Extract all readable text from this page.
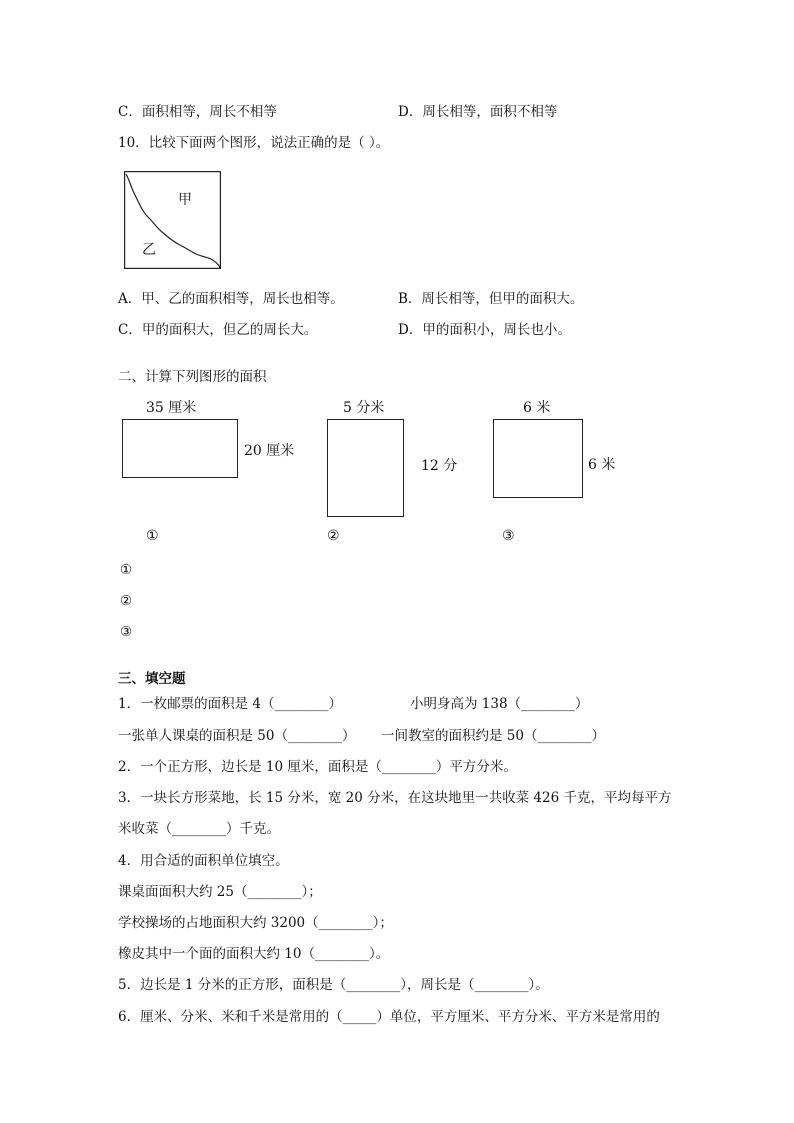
C．面积相等，周长不相等	D．周长相等，面积不相等
10．比较下面两个图形，说法正确的是（ ）。
甲
乙
A．甲、乙的面积相等，周长也相等。	B．周长相等，但甲的面积大。
C．甲的面积大，但乙的周长大。	D．甲的面积小，周长也小。
二、计算下列图形的面积
35 厘米
20 厘米
①
5 分米
12 分
②
6 米
6 米
③
①
②
③
三、填空题
1．一枚邮票的面积是 4（________）	小明身高为 138（________）
一张单人课桌的面积是 50（________） 一间教室的面积约是 50（________）
2．一个正方形，边长是 10 厘米，面积是（________）平方分米。
3．一块长方形菜地，长 15 分米，宽 20 分米，在这块地里一共收菜 426 千克，平均每平方
米收菜（________）千克。
4．用合适的面积单位填空。
课桌面面积大约 25（________）；
学校操场的占地面积大约 3200（________）；
橡皮其中一个面的面积大约 10（________）。
5．边长是 1 分米的正方形，面积是（________），周长是（________）。
6．厘米、分米、米和千米是常用的（_____）单位，平方厘米、平方分米、平方米是常用的
